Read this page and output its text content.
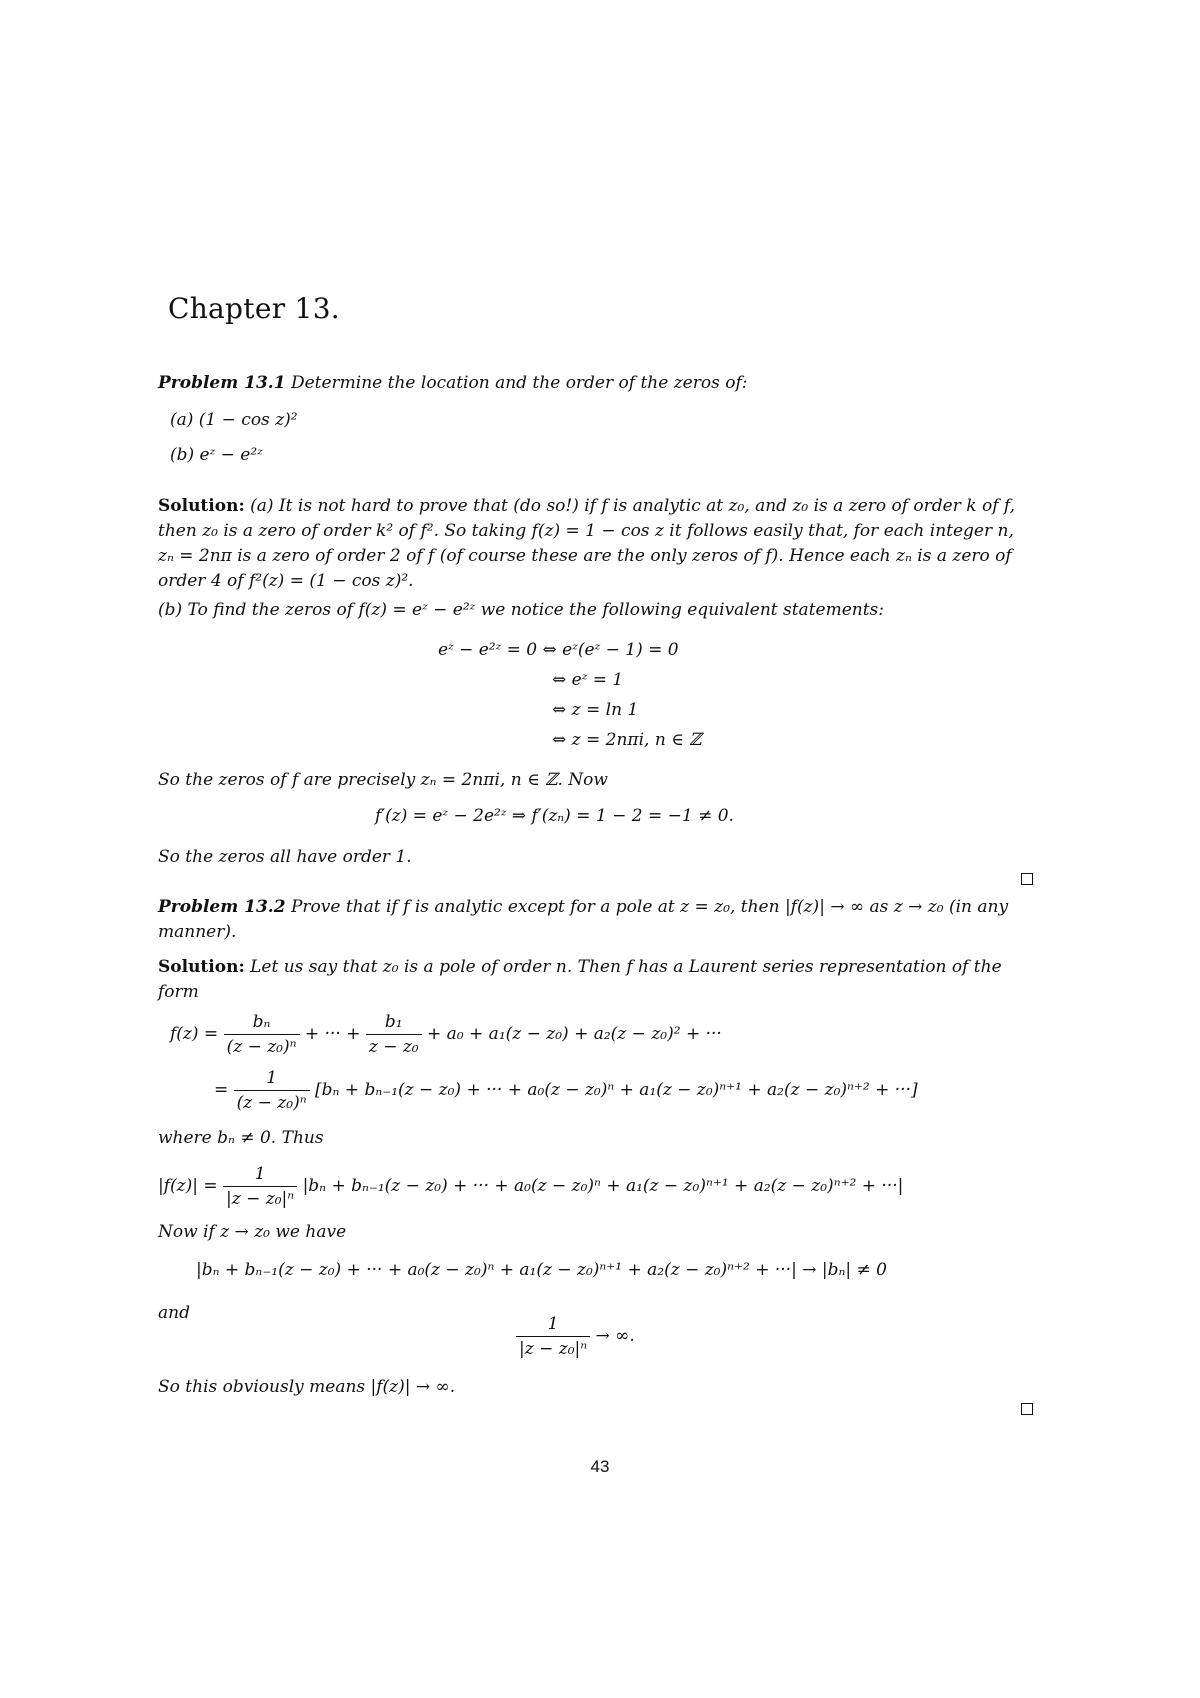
Chapter 13.
Problem 13.1 Determine the location and the order of the zeros of:
(a) (1 − cos z)²
(b) eᶻ − e²ᶻ
Solution: (a) It is not hard to prove that (do so!) if f is analytic at z₀, and z₀ is a zero of order k of f, then z₀ is a zero of order k² of f². So taking f(z) = 1 − cos z it follows easily that, for each integer n, zₙ = 2nπ is a zero of order 2 of f (of course these are the only zeros of f). Hence each zₙ is a zero of order 4 of f²(z) = (1 − cos z)².
(b) To find the zeros of f(z) = eᶻ − e²ᶻ we notice the following equivalent statements:
eᶻ − e²ᶻ = 0 ⇔ eᶻ(eᶻ − 1) = 0
⇔ eᶻ = 1
⇔ z = ln 1
⇔ z = 2nπi, n ∈ ℤ
So the zeros of f are precisely zₙ = 2nπi, n ∈ ℤ. Now
f′(z) = eᶻ − 2e²ᶻ ⇒ f′(zₙ) = 1 − 2 = −1 ≠ 0.
So the zeros all have order 1.
Problem 13.2 Prove that if f is analytic except for a pole at z = z₀, then |f(z)| → ∞ as z → z₀ (in any manner).
Solution: Let us say that z₀ is a pole of order n. Then f has a Laurent series representation of the form
$f(z) = \frac{\text{bₙ}}{\text{(z − z₀)ⁿ}}$ + ··· + $\frac{\text{b₁}}{\text{z − z₀}} + a_0 + a_1(z - z_0) + a_2(z - z_0)^2$ + ···
= $\frac{1}{\text{(z − z₀)ⁿ}} [b_n + b_{n-1}(z - z_0)$ + ··· + a₀(z − z₀)ⁿ + a₁(z − z₀)ⁿ⁺¹ + a₂(z − z₀)ⁿ⁺² + ···]
where bₙ ≠ 0. Thus
$|f(z)| = \frac{1}{\text{|z − z₀|ⁿ}} |b_n + b_{n-1}(z - z_0)$ + ··· + a₀(z − z₀)ⁿ + a₁(z − z₀)ⁿ⁺¹ + a₂(z − z₀)ⁿ⁺² + ···|
Now if z → z₀ we have
|bₙ + bₙ₋₁(z − z₀) + ··· + a₀(z − z₀)ⁿ + a₁(z − z₀)ⁿ⁺¹ + a₂(z − z₀)ⁿ⁺² + ···| → |bₙ| ≠ 0
and	$\frac{1}{\text{|z − z₀|ⁿ}}$ → ∞.
So this obviously means |f(z)| → ∞.
43
